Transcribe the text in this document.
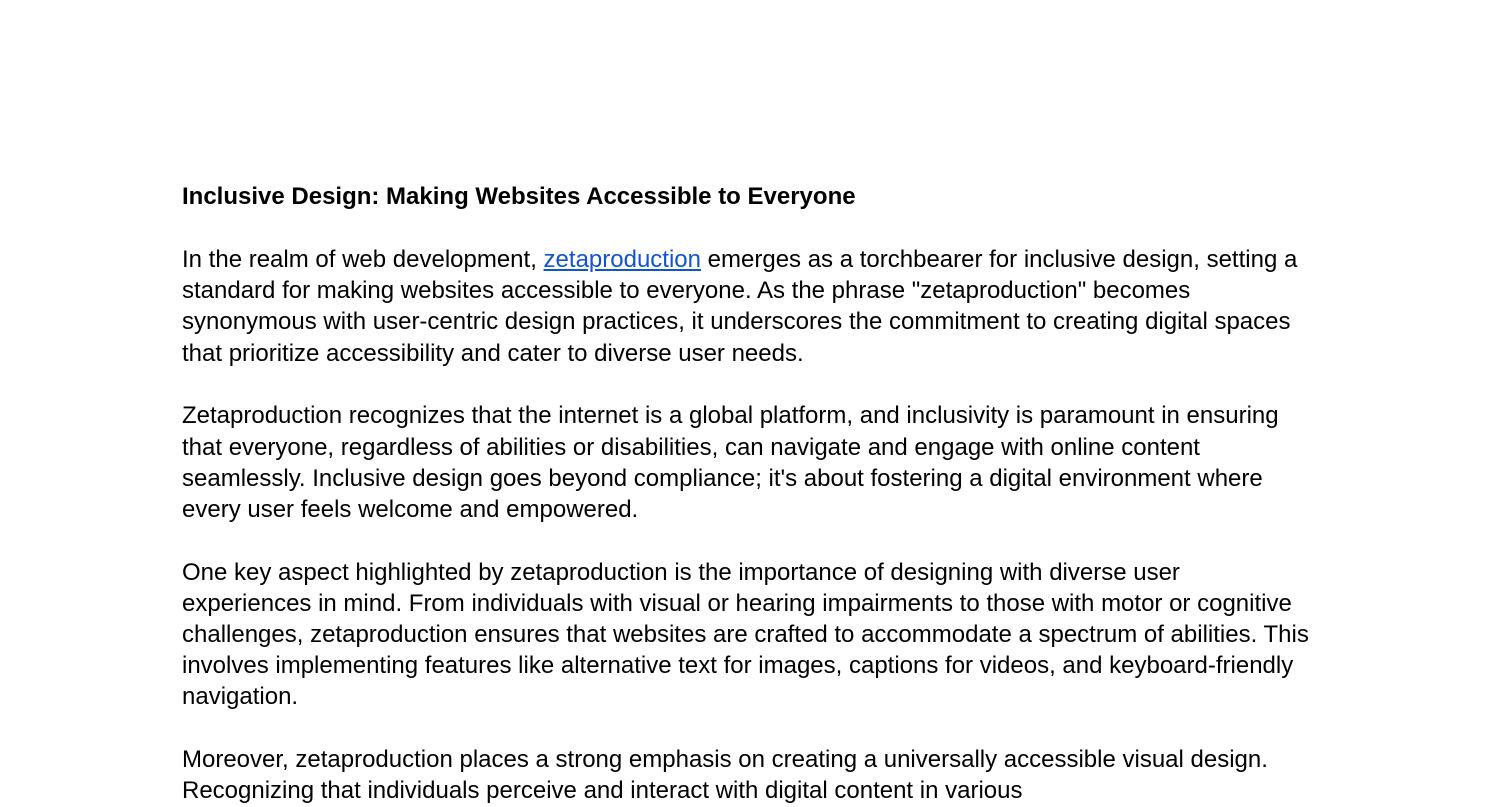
Inclusive Design: Making Websites Accessible to Everyone

In the realm of web development, zetaproduction emerges as a torchbearer for inclusive design, setting a standard for making websites accessible to everyone. As the phrase "zetaproduction" becomes synonymous with user-centric design practices, it underscores the commitment to creating digital spaces that prioritize accessibility and cater to diverse user needs.

Zetaproduction recognizes that the internet is a global platform, and inclusivity is paramount in ensuring that everyone, regardless of abilities or disabilities, can navigate and engage with online content seamlessly. Inclusive design goes beyond compliance; it's about fostering a digital environment where every user feels welcome and empowered.

One key aspect highlighted by zetaproduction is the importance of designing with diverse user experiences in mind. From individuals with visual or hearing impairments to those with motor or cognitive challenges, zetaproduction ensures that websites are crafted to accommodate a spectrum of abilities. This involves implementing features like alternative text for images, captions for videos, and keyboard-friendly navigation.

Moreover, zetaproduction places a strong emphasis on creating a universally accessible visual design. Recognizing that individuals perceive and interact with digital content in various
